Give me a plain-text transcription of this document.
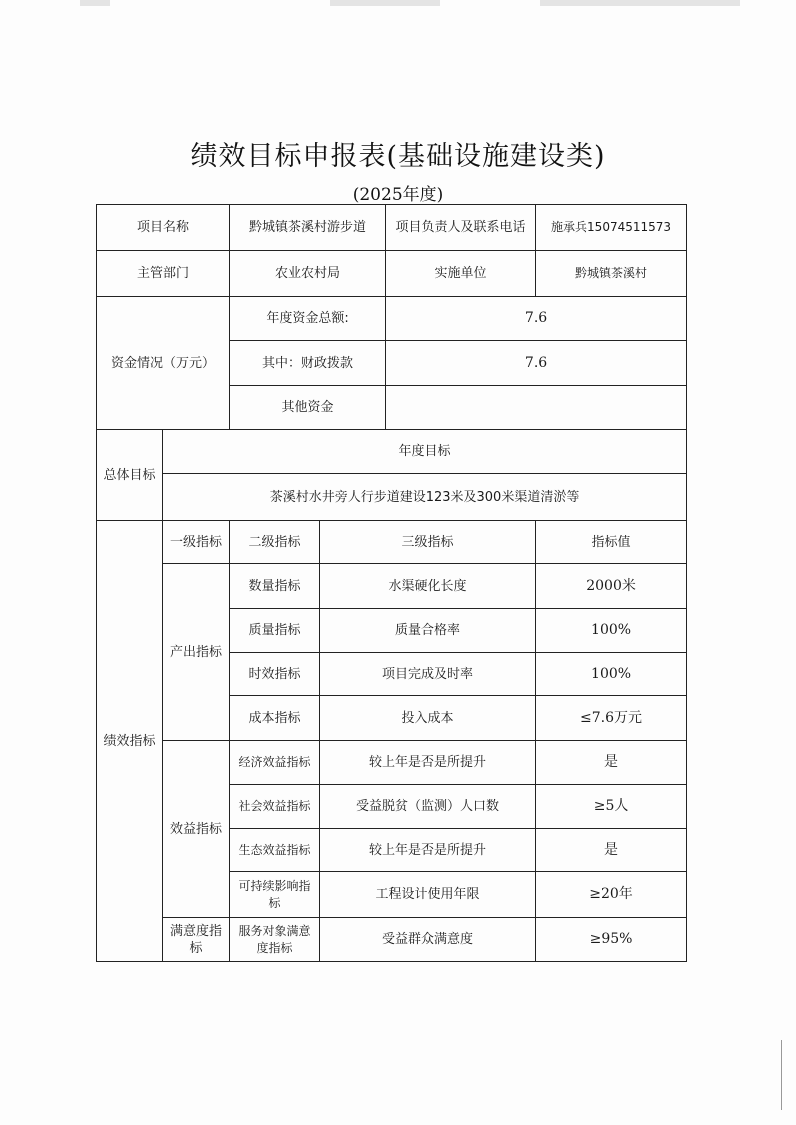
绩效目标申报表(基础设施建设类)
(2025年度)
项目名称		黔城镇茶溪村游步道		项目负责人及联系电话	施承兵15074511573
主管部门		农业农村局		实施单位	黔城镇茶溪村
资金情况（万元）		年度资金总额:		7.6	
		其中：财政拨款		7.6	
		其他资金			
总体目标	年度目标				
	茶溪村水井旁人行步道建设123米及300米渠道清淤等				
绩效指标	一级指标	二级指标	三级指标		指标值
	产出指标	数量指标	水渠硬化长度		2000米
		质量指标	质量合格率		100%
		时效指标	项目完成及时率		100%
		成本指标	投入成本		≤7.6万元
	效益指标	经济效益指标	较上年是否是所提升		是
		社会效益指标	受益脱贫（监测）人口数		≥5人
		生态效益指标	较上年是否是所提升		是
		可持续影响指标	工程设计使用年限		≥20年
	满意度指标	服务对象满意度指标	受益群众满意度		≥95%
